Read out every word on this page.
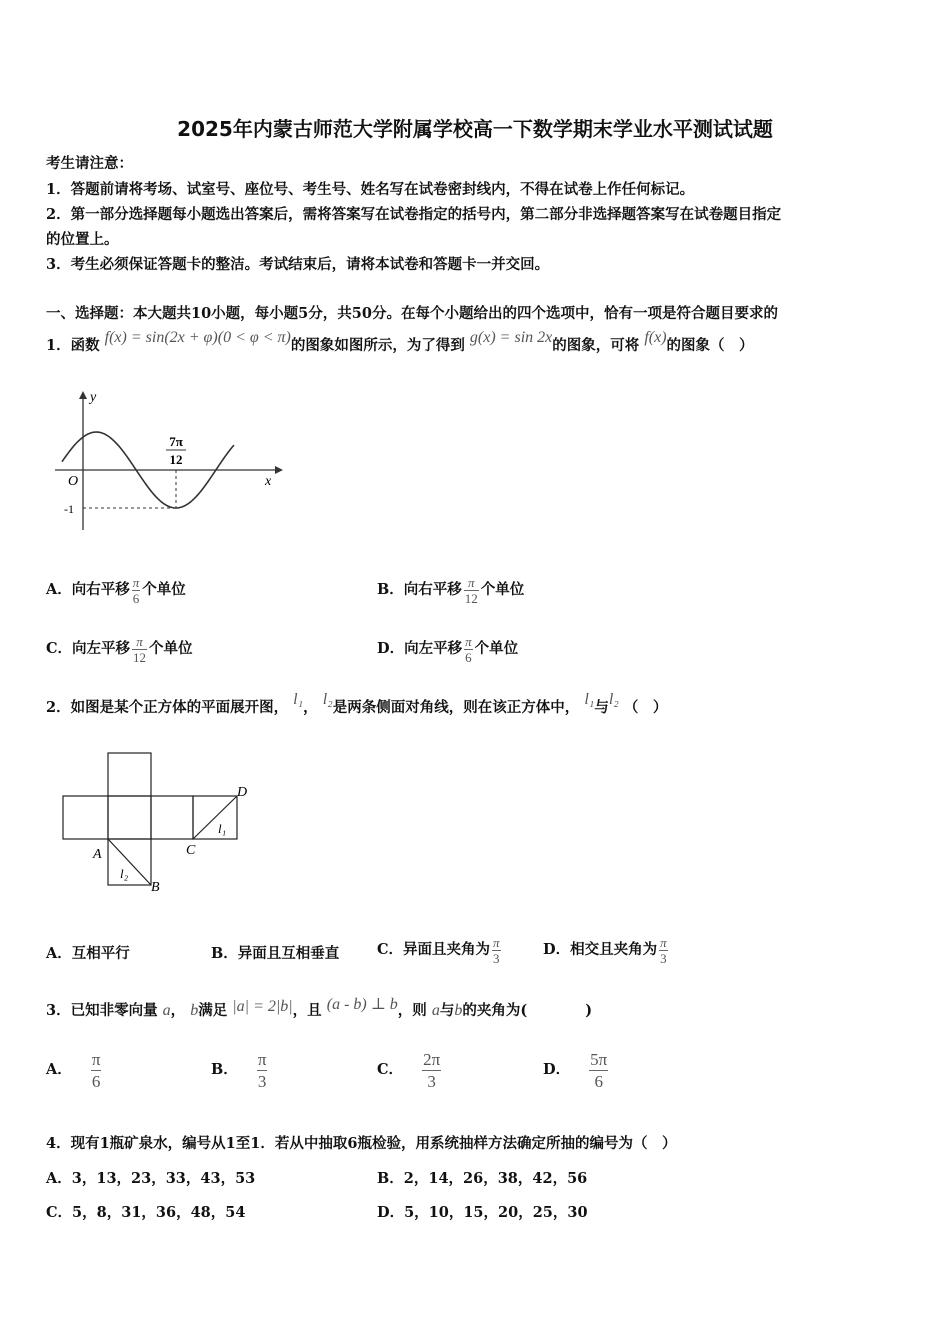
2025年内蒙古师范大学附属学校高一下数学期末学业水平测试试题
考生请注意：
1．答题前请将考场、试室号、座位号、考生号、姓名写在试卷密封线内，不得在试卷上作任何标记。
2．第一部分选择题每小题选出答案后，需将答案写在试卷指定的括号内，第二部分非选择题答案写在试卷题目指定
的位置上。
3．考生必须保证答题卡的整洁。考试结束后，请将本试卷和答题卡一并交回。
一、选择题：本大题共10小题，每小题5分，共50分。在每个小题给出的四个选项中，恰有一项是符合题目要求的
1．函数 f(x) = sin(2x + φ)(0 < φ < π)的图象如图所示，为了得到 g(x) = sin 2x的图象，可将 f(x)的图象（　）
y
x
O
-1
7π
12
A．向右平移 $\frac{\pi}{6}$ 个单位	B．向右平移 $\frac{\pi}{12}$ 个单位
C．向左平移 $\frac{\pi}{12}$ 个单位	D．向左平移 $\frac{\pi}{6}$ 个单位
2．如图是某个正方体的平面展开图， l₁， l₂是两条侧面对角线，则在该正方体中， l₁与l₂ （　）
A
B
C
D
l₁
l₂
A．互相平行	B．异面且互相垂直	C．异面且夹角为 $\frac{\pi}{3}$	D．相交且夹角为 $\frac{\pi}{3}$
3．已知非零向量 a， b满足 |a| = 2|b|，且 (a - b) ⊥ b，则 a与b的夹角为(　　　　)
A． $\frac{\pi}{6}$	B． $\frac{\pi}{3}$	C． $\frac{2\pi}{3}$	D． $\frac{5\pi}{6}$
4．现有1瓶矿泉水，编号从1至1．若从中抽取6瓶检验，用系统抽样方法确定所抽的编号为（　）
A．3，13，23，33，43，53	B．2，14，26，38，42，56
C．5，8，31，36，48，54	D．5，10，15，20，25，30
